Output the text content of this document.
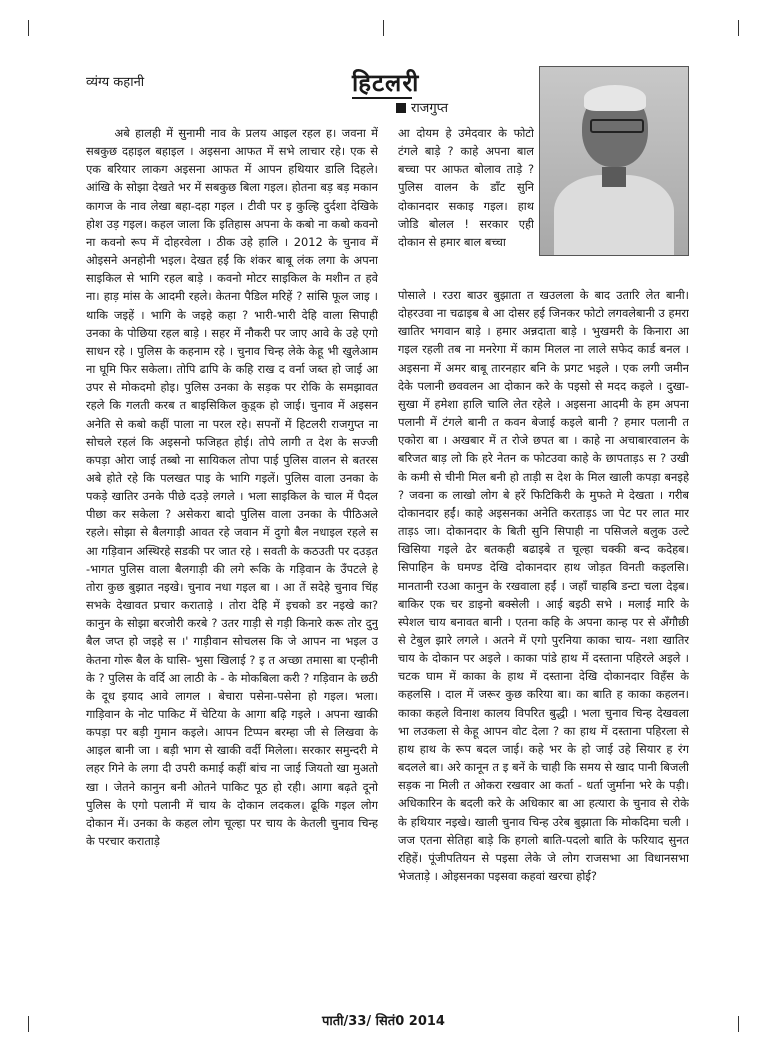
व्यंग्य कहानी	हिटलरी
राजगुप्त

अबे हालही में सुनामी नाव के प्रलय आइल रहल ह। जवना में सबकुछ दहाइल बहाइल । अइसना आफत में सभे लाचार रहे। एक से एक बरियार लाकग अइसना आफत में आपन हथियार डालि दिहले। आंखि के सोझा देखते भर में सबकुछ बिला गइल। होतना बड़ बड़ मकान कागज के नाव लेखा बहा-दहा गइल । टीवी पर इ कुल्हि दुर्दशा देखिके होश उड़ गइल। कहल जाला कि इतिहास अपना के कबो ना कबो कवनो ना कवनो रूप में दोहरवेला । ठीक उहे हालि । 2012 के चुनाव में ओइसने अनहोनी भइल। देखत हईं कि शंकर बाबू लंक लगा के अपना साइकिल से भागि रहल बाड़े । कवनो मोटर साइकिल के मशीन त हवे ना। हाड़ मांस के आदमी रहले। केतना पैडिल मरिहें ? सांसि फूल जाइ । थाकि जइहें । भागि के जइहे कहा ? भारी-भारी देहि वाला सिपाही उनका के पोछिया रहल बाड़े । सहर में नौकरी पर जाए आवे के उहे एगो साधन रहे । पुलिस के कहनाम रहे । चुनाव चिन्ह लेके केहू भी खुलेआम ना घूमि फिर सकेला। तोपि ढापि के कहि राख द वर्ना जब्त हो जाई आ उपर से मोकदमो होइ। पुलिस उनका के सड़क पर रोकि के समझावत रहले कि गलती करब त बाइसिकिल कुड़्क हो जाई। चुनाव में अइसन अनेति से कबो कहीं पाला ना परल रहे। सपनों में हिटलरी राजगुप्त ना सोचले रहलं कि अइसनो फजिहत होई। तोपे लागी त देश के सज्जी कपड़ा ओरा जाई तब्बो ना सायिकल तोपा पाई पुलिस वालन से बतरस अबे होते रहे कि पलखत पाइ के भागि गइलें। पुलिस वाला उनका के पकड़े खातिर उनके पीछे दउड़े लगले । भला साइकिल के चाल में पैदल पीछा कर सकेला ? असेकरा बादो पुलिस वाला उनका के पीठिअले रहले। सोझा से बैलगाड़ी आवत रहे जवान में दुगो बैल नधाइल रहले स आ गड़िवान अस्थिरहे सडकी पर जात रहे । सवती के कठउती पर दउड़त -भागत पुलिस वाला बैलगाड़ी की लगे रूकि के गड़िवान के उँपटले हे तोरा कुछ बुझात नइखे। चुनाव नधा गइल बा । आ तें सदेहे चुनाव चिंह सभके देखावत प्रचार कराताड़े । तोरा देहि में इचको डर नइखे का? कानुन के सोझा बरजोरी करबे ? उतर गाड़ी से गड़ी किनारे करू तोर दुनु बैल जप्त हो जइहे स ।' गाड़ीवान सोचलस कि जे आपन ना भइल उ केतना गोरू बैल के घासि- भुसा खिलाई ? इ त अच्छा तमासा बा एन्हीनी के ? पुलिस के वर्दि आ लाठी के - के मोकबिला करी ? गड़िवान के छठी के दूध इयाद आवे लागल । बेचारा पसेना-पसेना हो गइल। भला। गाड़िवान के नोट पाकिट में चेटिया के आगा बढ़ि गइले । अपना खाकी कपड़ा पर बड़ी गुमान कइले। आपन टिप्पन बरम्हा जी से लिखवा के आइल बानी जा । बड़ी भाग से खाकी वर्दी मिलेला। सरकार समुन्दरी मे लहर गिने के लगा दी उपरी कमाई कहीं बांच ना जाई जियतो खा मुअतो खा । जेतने कानुन बनी ओतने पाकिट पूठ हो रही। आगा बढ़ते दूनो पुलिस के एगो पलानी में चाय के दोकान लदकल। ढूकि गइल लोग दोकान में। उनका के कहल लोग चूल्हा पर चाय के केतली चुनाव चिन्ह के परचार कराताड़े

आ दोयम हे उमेदवार के फोटो टंगले बाड़े ? काहे अपना बाल बच्चा पर आफत बोलाव ताड़े ? पुलिस वालन के डाँट सुनि दोकानदार सकाइ गइल। हाथ जोडि बोलल ! सरकार एही दोकान से हमार बाल बच्चा

पोसाले । रउरा बाउर बुझाता त खउलला के बाद उतारि लेत बानी। दोहरउवा ना चढाइब बे आ दोसर हई जिनकर फोटो लगवलेबानी उ हमरा खातिर भगवान बाड़े । हमार अन्नदाता बाड़े । भुखमरी के किनारा आ गइल रहली तब ना मनरेगा में काम मिलल ना लाले सफेद कार्ड बनल । अइसना में अमर बाबू तारनहार बनि के प्रगट भइले । एक लगी जमीन देके पलानी छववलन आ दोकान करे के पइसो से मदद कइले । दुखा- सुखा में हमेशा हालि चालि लेत रहेले । अइसना आदमी के हम अपना पलानी में टंगले बानी त कवन बेजाई कइले बानी ? हमार पलानी त एकोरा बा । अखबार में त रोजे छपत बा । काहे ना अचाबारवालन के बरिजत बाड़ लो कि हरे नेतन क फोटउवा काहे के छापताड़ऽ स ? उखी के कमी से चीनी मिल बनी हो ताड़ी स देश के मिल खाली कपड़ा बनइहे ? जवना क लाखो लोग बे हरें फिटिकिरी के मुफते मे देखता । गरीब दोकानदार हईं। काहे अइसनका अनेति करताड़ऽ जा पेट पर लात मार ताड़ऽ जा। दोकानदार के बिती सुनि सिपाही ना पसिजले बलुक उल्टे खिसिया गइले ढेर बतकही बढाइबे त चूल्हा चक्की बन्द कदेहब। सिपाहिन के घमण्ड देखि दोकानदार हाथ जोड़त विनती कइलसि। मानतानी रउआ कानुन के रखवाला हईं । जहाँ चाहबि डन्टा चला देइब। बाकिर एक चर डाइनो बक्सेली । आई बइठी सभे । मलाई मारि के स्पेशल चाय बनावत बानी । एतना कहि के अपना कान्ह पर से अँगौछी से टेबुल झारे लगले । अतने में एगो पुरनिया काका चाय- नशा खातिर चाय के दोकान पर अइले । काका पांडे हाथ में दस्ताना पहिरले अइले । चटक घाम में काका के हाथ में दस्ताना देखि दोकानदार विहँस के कहलसि । दाल में जरूर कुछ करिया बा। का बाति ह काका कहलन। काका कहले विनाश कालय विपरित बुद्धी । भला चुनाव चिन्ह देखवला भा लउकला से केहू आपन वोट देला ? का हाथ में दस्ताना पहिरला से हाथ हाथ के रूप बदल जाई। कहे भर के हो जाई उहे सियार ह रंग बदलले बा। अरे कानून त इ बनें के चाही कि समय से खाद पानी बिजली सड़क ना मिली त ओकरा रखवार आ कर्ता - धर्ता जुर्माना भरे के पड़ी। अधिकारिन के बदली करे के अधिकार बा आ हत्यारा के चुनाव से रोके के हथियार नइखे। खाली चुनाव चिन्ह उरेब बुझाता कि मोकदिमा चली । जज एतना सेतिहा बाड़े कि हगलो बाति-पदलो बाति के फरियाद सुनत रहिहें। पूंजीपतियन से पइसा लेके जे लोग राजसभा आ विधानसभा भेजताड़े । ओइसनका पइसवा कहवां खरचा होई?

पाती/33/ सितं0 2014
